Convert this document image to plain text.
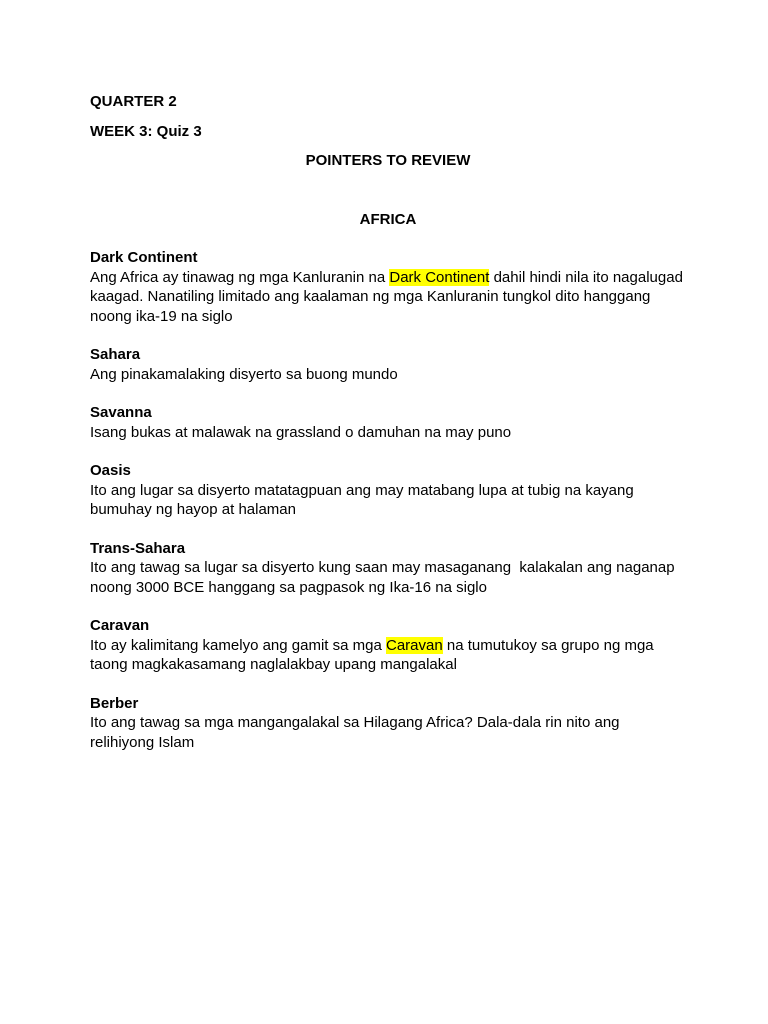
QUARTER 2

WEEK 3: Quiz 3

POINTERS TO REVIEW

AFRICA

Dark Continent

Ang Africa ay tinawag ng mga Kanluranin na Dark Continent dahil hindi nila ito nagalugad kaagad. Nanatiling limitado ang kaalaman ng mga Kanluranin tungkol dito hanggang noong ika-19 na siglo

Sahara

Ang pinakamalaking disyerto sa buong mundo

Savanna

Isang bukas at malawak na grassland o damuhan na may puno

Oasis

Ito ang lugar sa disyerto matatagpuan ang may matabang lupa at tubig na kayang bumuhay ng hayop at halaman

Trans-Sahara

Ito ang tawag sa lugar sa disyerto kung saan may masaganang  kalakalan ang naganap noong 3000 BCE hanggang sa pagpasok ng Ika-16 na siglo

Caravan

Ito ay kalimitang kamelyo ang gamit sa mga Caravan na tumutukoy sa grupo ng mga taong magkakasamang naglalakbay upang mangalakal

Berber

Ito ang tawag sa mga mangangalakal sa Hilagang Africa? Dala-dala rin nito ang relihiyong Islam
